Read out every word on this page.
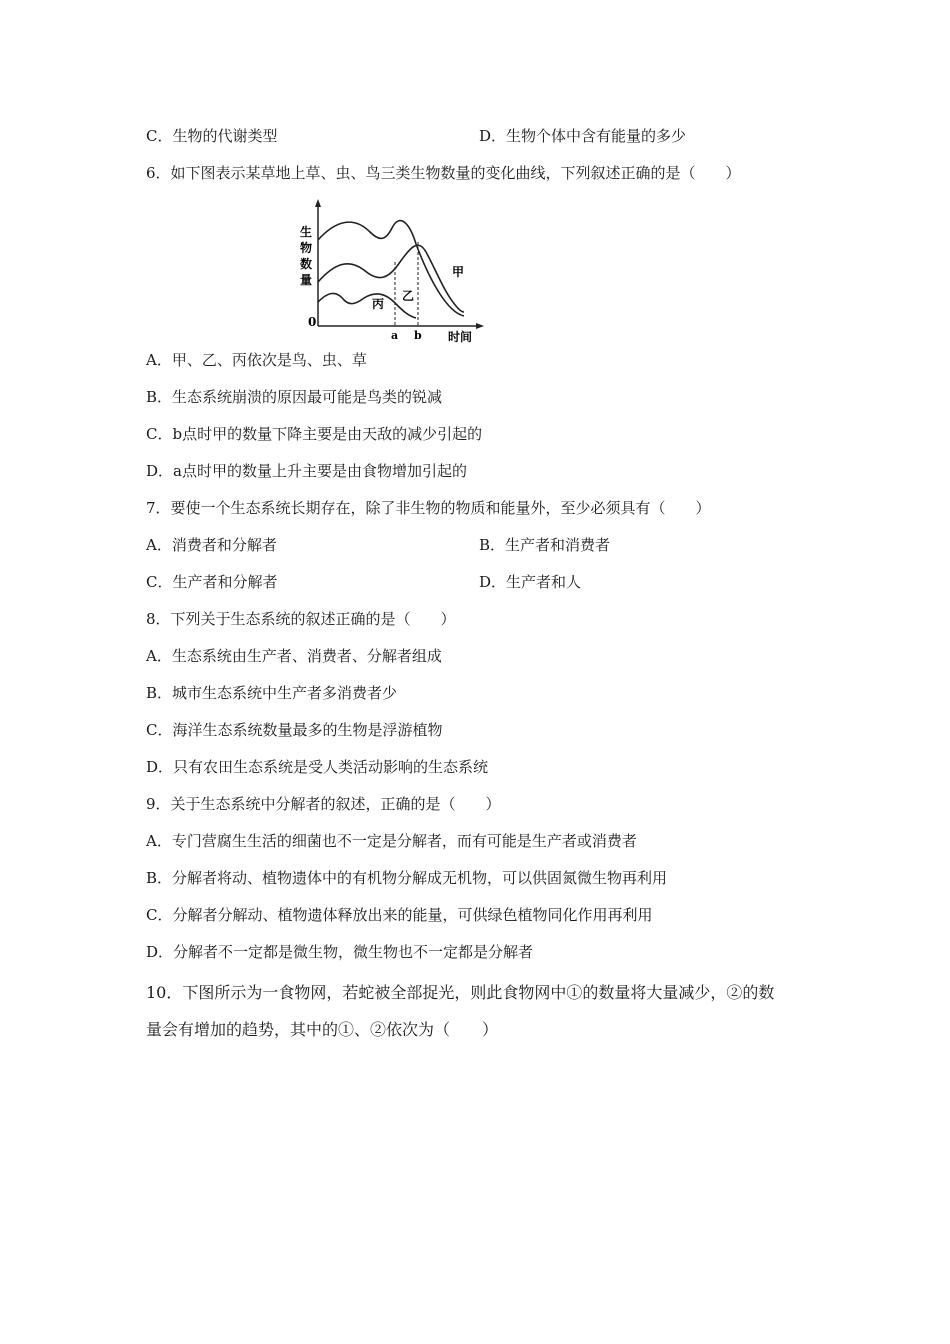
C．生物的代谢类型	D．生物个体中含有能量的多少
6．如下图表示某草地上草、虫、鸟三类生物数量的变化曲线，下列叙述正确的是（　　）
生
物
数
量
0
甲
乙
丙
a b 时间
A．甲、乙、丙依次是鸟、虫、草
B．生态系统崩溃的原因最可能是鸟类的锐减
C．b点时甲的数量下降主要是由天敌的减少引起的
D．a点时甲的数量上升主要是由食物增加引起的
7．要使一个生态系统长期存在，除了非生物的物质和能量外，至少必须具有（　　）
A．消费者和分解者	B．生产者和消费者
C．生产者和分解者	D．生产者和人
8．下列关于生态系统的叙述正确的是（　　）
A．生态系统由生产者、消费者、分解者组成
B．城市生态系统中生产者多消费者少
C．海洋生态系统数量最多的生物是浮游植物
D．只有农田生态系统是受人类活动影响的生态系统
9．关于生态系统中分解者的叙述，正确的是（　　）
A．专门营腐生生活的细菌也不一定是分解者，而有可能是生产者或消费者
B．分解者将动、植物遗体中的有机物分解成无机物，可以供固氮微生物再利用
C．分解者分解动、植物遗体释放出来的能量，可供绿色植物同化作用再利用
D．分解者不一定都是微生物，微生物也不一定都是分解者
10．下图所示为一食物网，若蛇被全部捉光，则此食物网中①的数量将大量减少，②的数
量会有增加的趋势，其中的①、②依次为（　　）
